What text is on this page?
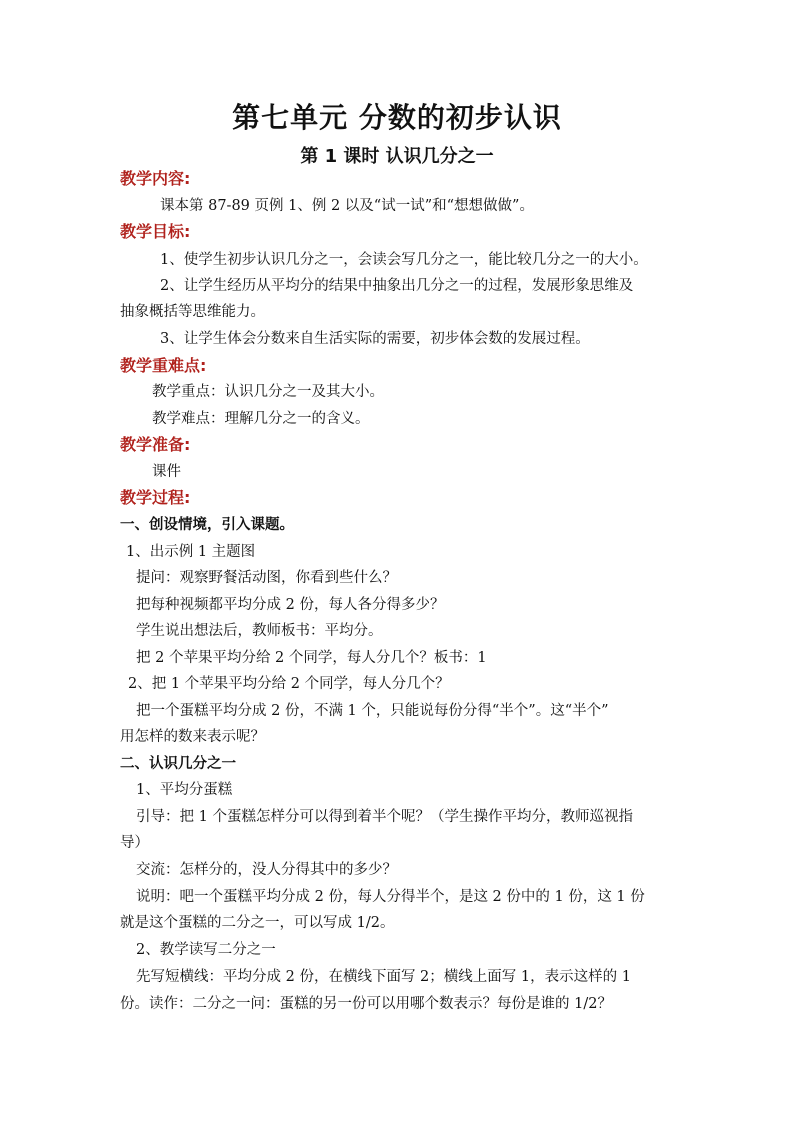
第七单元 分数的初步认识
第 1 课时 认识几分之一
教学内容:
课本第 87-89 页例 1、例 2 以及“试一试”和“想想做做”。
教学目标:
1、使学生初步认识几分之一，会读会写几分之一，能比较几分之一的大小。
2、让学生经历从平均分的结果中抽象出几分之一的过程，发展形象思维及
抽象概括等思维能力。
3、让学生体会分数来自生活实际的需要，初步体会数的发展过程。
教学重难点:
教学重点：认识几分之一及其大小。
教学难点：理解几分之一的含义。
教学准备:
课件
教学过程:
一、创设情境，引入课题。
1、出示例 1 主题图
提问：观察野餐活动图，你看到些什么？
把每种视频都平均分成 2 份，每人各分得多少？
学生说出想法后，教师板书：平均分。
把 2 个苹果平均分给 2 个同学，每人分几个？板书：1
2、把 1 个苹果平均分给 2 个同学，每人分几个？
把一个蛋糕平均分成 2 份，不满 1 个，只能说每份分得“半个”。这“半个”
用怎样的数来表示呢？
二、认识几分之一
1、平均分蛋糕
引导：把 1 个蛋糕怎样分可以得到着半个呢？（学生操作平均分，教师巡视指
导）
交流：怎样分的，没人分得其中的多少？
说明：吧一个蛋糕平均分成 2 份，每人分得半个，是这 2 份中的 1 份，这 1 份
就是这个蛋糕的二分之一，可以写成 1/2。
2、教学读写二分之一
先写短横线：平均分成 2 份，在横线下面写 2；横线上面写 1，表示这样的 1
份。读作：二分之一问：蛋糕的另一份可以用哪个数表示？每份是谁的 1/2？
